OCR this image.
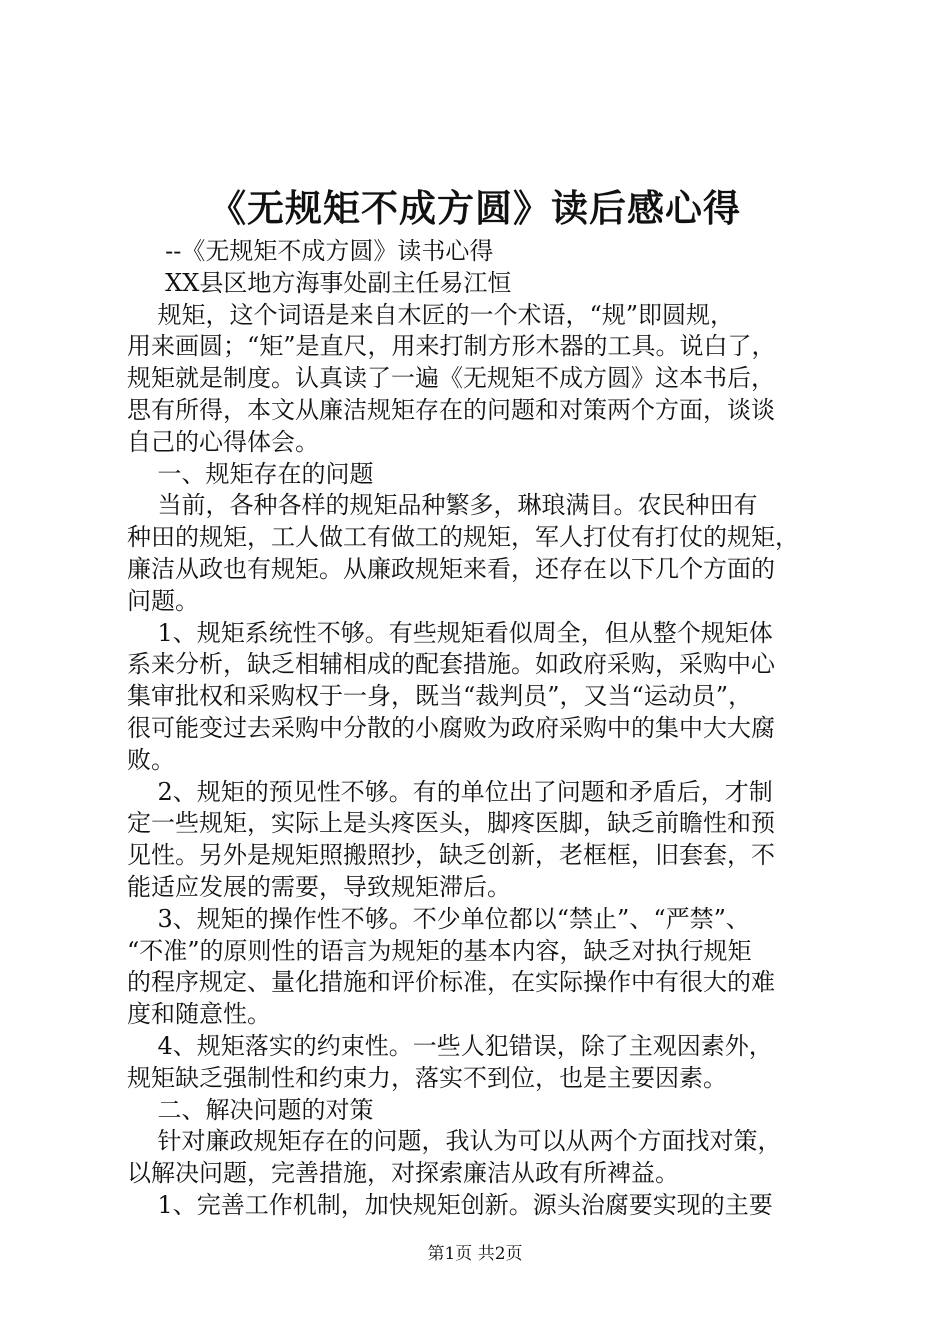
《无规矩不成方圆》读后感心得
--《无规矩不成方圆》读书心得
XX县区地方海事处副主任易江恒
规矩，这个词语是来自木匠的一个术语，“规”即圆规，
用来画圆；“矩”是直尺，用来打制方形木器的工具。说白了，
规矩就是制度。认真读了一遍《无规矩不成方圆》这本书后，
思有所得，本文从廉洁规矩存在的问题和对策两个方面，谈谈
自己的心得体会。
一、规矩存在的问题
当前，各种各样的规矩品种繁多，琳琅满目。农民种田有
种田的规矩，工人做工有做工的规矩，军人打仗有打仗的规矩，
廉洁从政也有规矩。从廉政规矩来看，还存在以下几个方面的
问题。
1、规矩系统性不够。有些规矩看似周全，但从整个规矩体
系来分析，缺乏相辅相成的配套措施。如政府采购，采购中心
集审批权和采购权于一身，既当“裁判员”，又当“运动员”，
很可能变过去采购中分散的小腐败为政府采购中的集中大大腐
败。
2、规矩的预见性不够。有的单位出了问题和矛盾后，才制
定一些规矩，实际上是头疼医头，脚疼医脚，缺乏前瞻性和预
见性。另外是规矩照搬照抄，缺乏创新，老框框，旧套套，不
能适应发展的需要，导致规矩滞后。
3、规矩的操作性不够。不少单位都以“禁止”、“严禁”、
“不准”的原则性的语言为规矩的基本内容，缺乏对执行规矩
的程序规定、量化措施和评价标准，在实际操作中有很大的难
度和随意性。
4、规矩落实的约束性。一些人犯错误，除了主观因素外，
规矩缺乏强制性和约束力，落实不到位，也是主要因素。
二、解决问题的对策
针对廉政规矩存在的问题，我认为可以从两个方面找对策，
以解决问题，完善措施，对探索廉洁从政有所裨益。
1、完善工作机制，加快规矩创新。源头治腐要实现的主要
第1页 共2页
